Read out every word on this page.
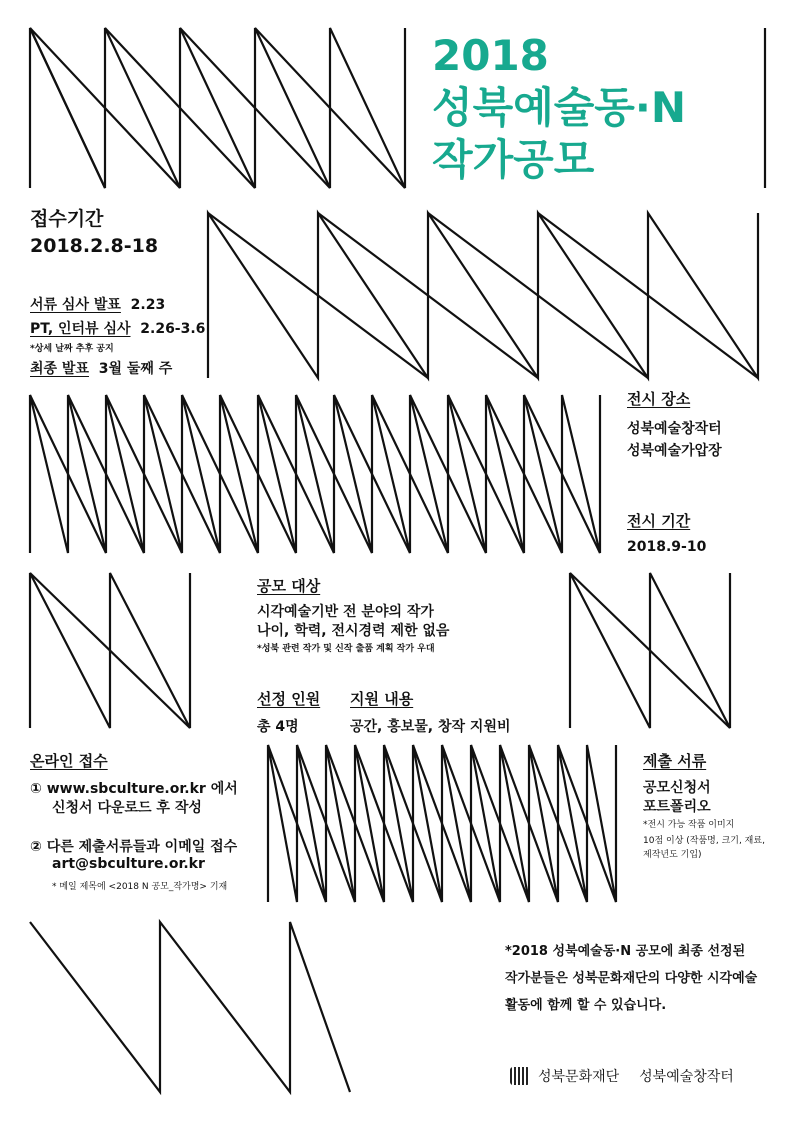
2018
성북예술동·N
작가공모
접수기간
2018.2.8-18
서류 심사 발표 2.23
PT, 인터뷰 심사 2.26-3.6
*상세 날짜 추후 공지
최종 발표 3월 둘째 주
전시 장소
성북예술창작터
성북예술가압장
전시 기간
2018.9-10
공모 대상
시각예술기반 전 분야의 작가
나이, 학력, 전시경력 제한 없음
*성북 관련 작가 및 신작 출품 계획 작가 우대
선정 인원
총 4명
지원 내용
공간, 홍보물, 창작 지원비
온라인 접수
① www.sbculture.or.kr 에서
신청서 다운로드 후 작성
② 다른 제출서류들과 이메일 접수
art@sbculture.or.kr
* 메일 제목에 <2018 N 공모_작가명> 기재
제출 서류
공모신청서
포트폴리오
*전시 가능 작품 이미지
10점 이상 (작품명, 크기, 재료,
제작년도 기입)
*2018 성북예술동·N 공모에 최종 선정된
작가분들은 성북문화재단의 다양한 시각예술
활동에 함께 할 수 있습니다.
성북문화재단 성북예술창작터
